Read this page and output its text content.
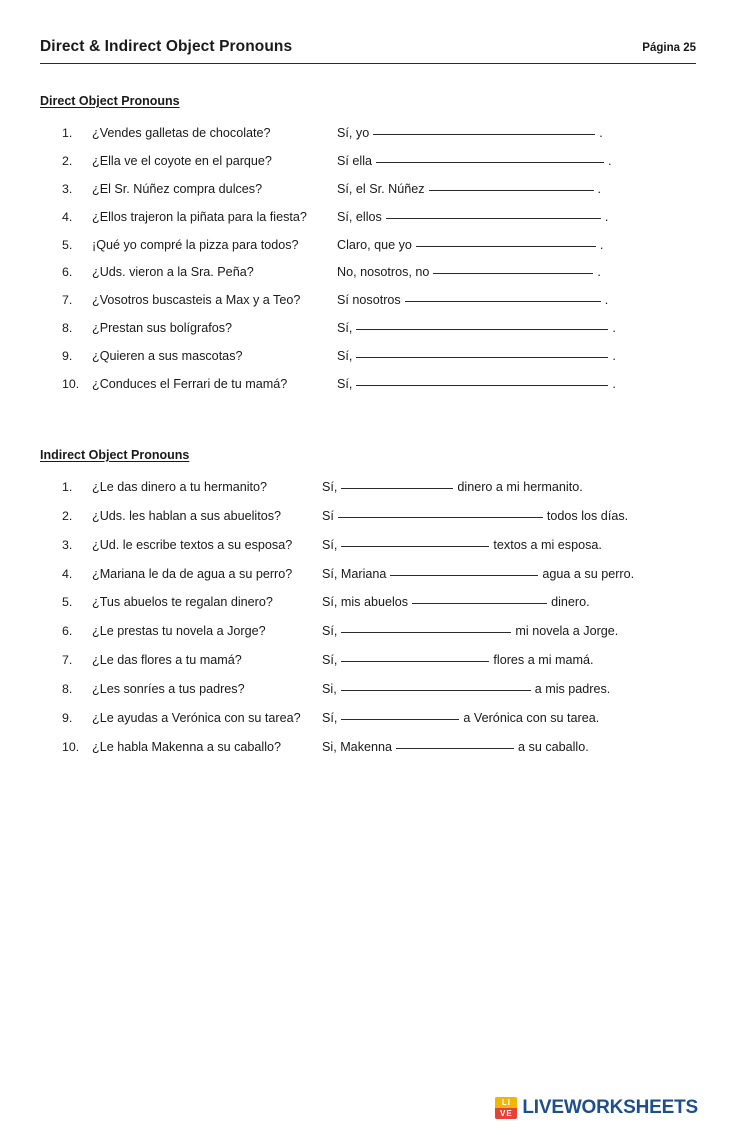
Direct & Indirect Object Pronouns	Página 25
Direct Object Pronouns
1.	¿Vendes galletas de chocolate?	Sí, yo	.
2.	¿Ella ve el coyote en el parque?	Sí ella	.
3.	¿El Sr. Núñez compra dulces?	Sí, el Sr. Núñez	.
4.	¿Ellos trajeron la piñata para la fiesta?	Sí, ellos	.
5.	¡Qué yo compré la pizza para todos?	Claro, que yo	.
6.	¿Uds. vieron a la Sra. Peña?	No, nosotros, no	.
7.	¿Vosotros buscasteis a Max y a Teo?	Sí nosotros	.
8.	¿Prestan sus bolígrafos?	Sí,	.
9.	¿Quieren a sus mascotas?	Sí,	.
10.	¿Conduces el Ferrari de tu mamá?	Sí,	.
Indirect Object Pronouns
1.	¿Le das dinero a tu hermanito?	Sí,	dinero a mi hermanito.
2.	¿Uds. les hablan a sus abuelitos?	Sí	todos los días.
3.	¿Ud. le escribe textos a su esposa?	Sí,	textos a mi esposa.
4.	¿Mariana le da de agua a su perro?	Sí, Mariana	agua a su perro.
5.	¿Tus abuelos te regalan dinero?	Sí, mis abuelos	dinero.
6.	¿Le prestas tu novela a Jorge?	Sí,	mi novela a Jorge.
7.	¿Le das flores a tu mamá?	Sí,	flores a mi mamá.
8.	¿Les sonríes a tus padres?	Si,	a mis padres.
9.	¿Le ayudas a Verónica con su tarea?	Sí,	a Verónica con su tarea.
10.	¿Le habla Makenna a su caballo?	Si, Makenna	a su caballo.
LI
VE LIVEWORKSHEETS
